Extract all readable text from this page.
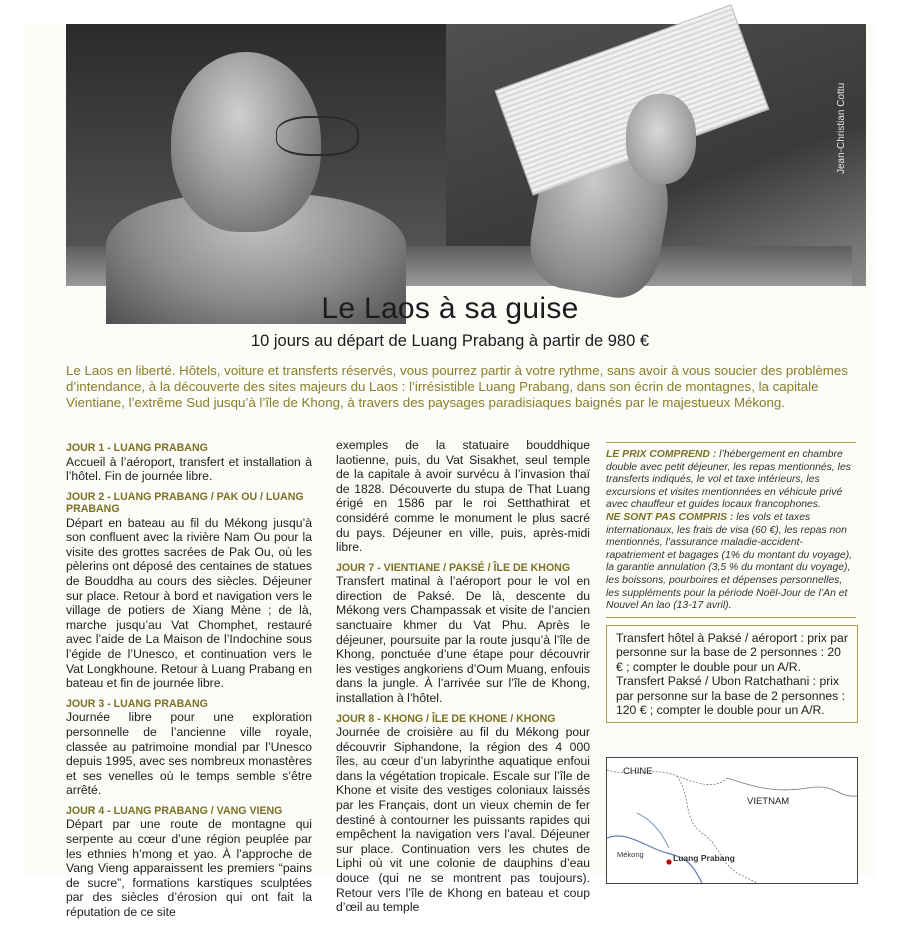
Jean-Christian Cottu
Le Laos à sa guise
10 jours au départ de Luang Prabang à partir de 980 €
Le Laos en liberté. Hôtels, voiture et transferts réservés, vous pourrez partir à votre rythme, sans avoir à vous soucier des problèmes d’intendance, à la découverte des sites majeurs du Laos : l’irrésistible Luang Prabang, dans son écrin de montagnes, la capitale Vientiane, l’extrême Sud jusqu’à l’île de Khong, à travers des paysages paradisiaques baignés par le majestueux Mékong.

JOUR 1 - LUANG PRABANG

Accueil à l’aéroport, transfert et installation à l’hôtel. Fin de journée libre.

JOUR 2 - LUANG PRABANG / PAK OU / LUANG PRABANG

Départ en bateau au fil du Mékong jusqu’à son confluent avec la rivière Nam Ou pour la visite des grottes sacrées de Pak Ou, où les pèlerins ont déposé des centaines de statues de Bouddha au cours des siècles. Déjeuner sur place. Retour à bord et navigation vers le village de potiers de Xiang Mène ; de là, marche jusqu’au Vat Chomphet, restauré avec l’aide de La Maison de l’Indochine sous l’égide de l’Unesco, et continuation vers le Vat Longkhoune. Retour à Luang Prabang en bateau et fin de journée libre.

JOUR 3 - LUANG PRABANG

Journée libre pour une exploration personnelle de l’ancienne ville royale, classée au patrimoine mondial par l’Unesco depuis 1995, avec ses nombreux monastères et ses venelles où le temps semble s’être arrêté.

JOUR 4 - LUANG PRABANG / VANG VIENG

Départ par une route de montagne qui serpente au cœur d’une région peuplée par les ethnies h’mong et yao. À l’approche de Vang Vieng apparaissent les premiers “pains de sucre”, formations karstiques sculptées par des siècles d’érosion qui ont fait la réputation de ce site

exemples de la statuaire bouddhique laotienne, puis, du Vat Sisakhet, seul temple de la capitale à avoir survécu à l’invasion thaï de 1828. Découverte du stupa de That Luang érigé en 1586 par le roi Setthathirat et considéré comme le monument le plus sacré du pays. Déjeuner en ville, puis, après-midi libre.

JOUR 7 - VIENTIANE / PAKSÉ / ÎLE DE KHONG

Transfert matinal à l’aéroport pour le vol en direction de Paksé. De là, descente du Mékong vers Champassak et visite de l’ancien sanctuaire khmer du Vat Phu. Après le déjeuner, poursuite par la route jusqu’à l’île de Khong, ponctuée d’une étape pour découvrir les vestiges angkoriens d’Oum Muang, enfouis dans la jungle. À l’arrivée sur l’île de Khong, installation à l’hôtel.

JOUR 8 - KHONG / ÎLE DE KHONE / KHONG

Journée de croisière au fil du Mékong pour découvrir Siphandone, la région des 4 000 îles, au cœur d’un labyrinthe aquatique enfoui dans la végétation tropicale. Escale sur l’île de Khone et visite des vestiges coloniaux laissés par les Français, dont un vieux chemin de fer destiné à contourner les puissants rapides qui empêchent la navigation vers l’aval. Déjeuner sur place. Continuation vers les chutes de Liphi où vit une colonie de dauphins d’eau douce (qui ne se montrent pas toujours). Retour vers l’île de Khong en bateau et coup d’œil au temple

LE PRIX COMPREND : l’hébergement en chambre double avec petit déjeuner, les repas mentionnés, les transferts indiqués, le vol et taxe intérieurs, les excursions et visites mentionnées en véhicule privé avec chauffeur et guides locaux francophones.
NE SONT PAS COMPRIS : les vols et taxes internationaux, les frais de visa (60 €), les repas non mentionnés, l’assurance maladie-accident-rapatriement et bagages (1% du montant du voyage), la garantie annulation (3,5 % du montant du voyage), les boissons, pourboires et dépenses personnelles, les suppléments pour la période Noël-Jour de l’An et Nouvel An lao (13-17 avril).
Transfert hôtel à Paksé / aéroport : prix par personne sur la base de 2 personnes : 20 € ; compter le double pour un A/R. Transfert Paksé / Ubon Ratchathani : prix par personne sur la base de 2 personnes : 120 € ; compter le double pour un A/R.
CHINE
VIETNAM
Mékong	Luang Prabang
